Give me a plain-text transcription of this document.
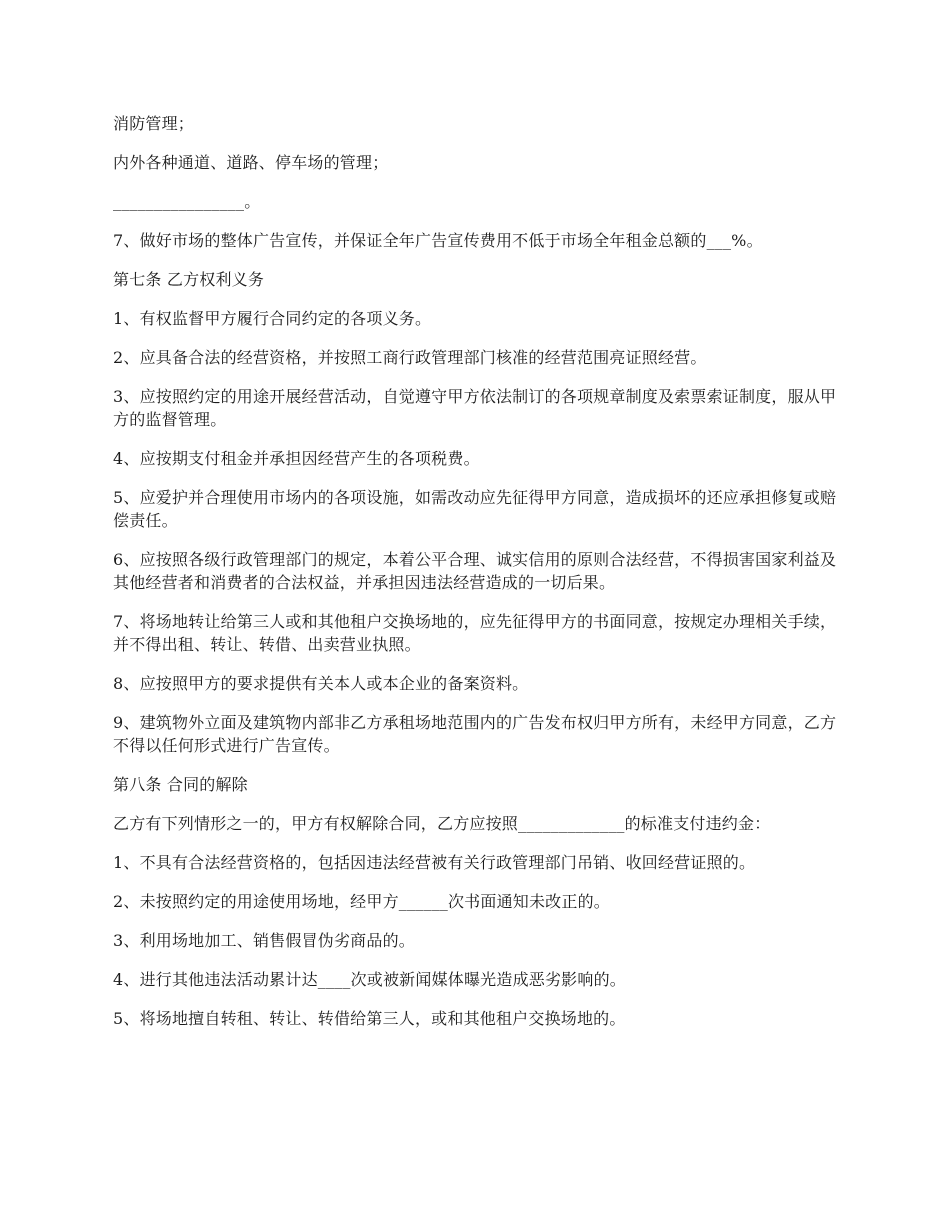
消防管理；

内外各种通道、道路、停车场的管理；

________________。

7、做好市场的整体广告宣传，并保证全年广告宣传费用不低于市场全年租金总额的___%。

第七条 乙方权利义务

1、有权监督甲方履行合同约定的各项义务。

2、应具备合法的经营资格，并按照工商行政管理部门核准的经营范围亮证照经营。

3、应按照约定的用途开展经营活动，自觉遵守甲方依法制订的各项规章制度及索票索证制度，服从甲方的监督管理。

4、应按期支付租金并承担因经营产生的各项税费。

5、应爱护并合理使用市场内的各项设施，如需改动应先征得甲方同意，造成损坏的还应承担修复或赔偿责任。

6、应按照各级行政管理部门的规定，本着公平合理、诚实信用的原则合法经营，不得损害国家利益及其他经营者和消费者的合法权益，并承担因违法经营造成的一切后果。

7、将场地转让给第三人或和其他租户交换场地的，应先征得甲方的书面同意，按规定办理相关手续，并不得出租、转让、转借、出卖营业执照。

8、应按照甲方的要求提供有关本人或本企业的备案资料。

9、建筑物外立面及建筑物内部非乙方承租场地范围内的广告发布权归甲方所有，未经甲方同意，乙方不得以任何形式进行广告宣传。

第八条 合同的解除

乙方有下列情形之一的，甲方有权解除合同，乙方应按照_____________的标准支付违约金：

1、不具有合法经营资格的，包括因违法经营被有关行政管理部门吊销、收回经营证照的。

2、未按照约定的用途使用场地，经甲方______次书面通知未改正的。

3、利用场地加工、销售假冒伪劣商品的。

4、进行其他违法活动累计达____次或被新闻媒体曝光造成恶劣影响的。

5、将场地擅自转租、转让、转借给第三人，或和其他租户交换场地的。
